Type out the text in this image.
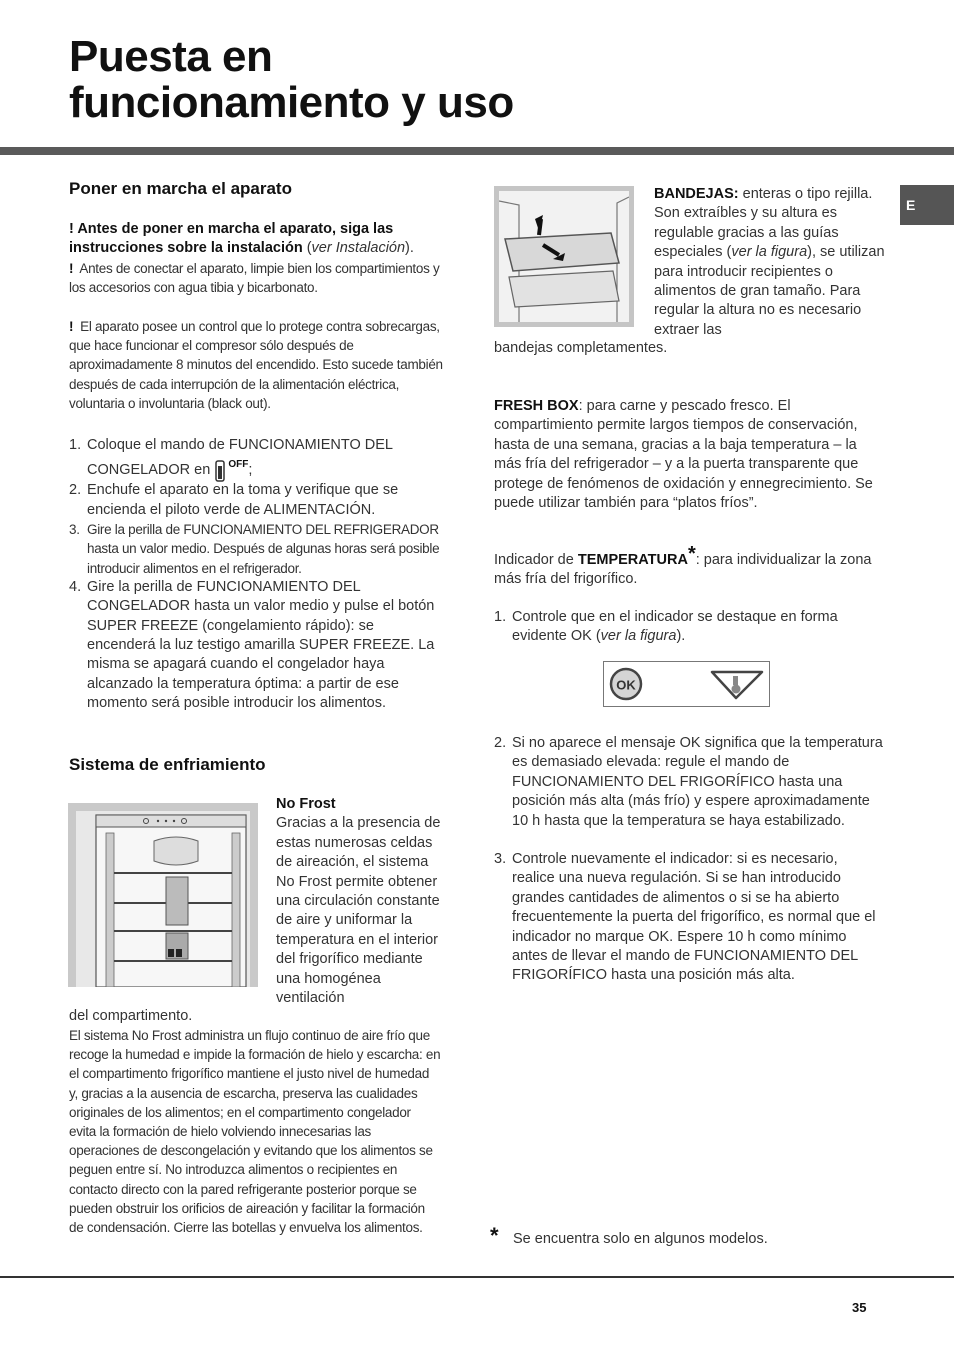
Puesta en
funcionamiento y uso
E
Poner en marcha el aparato
! Antes de poner en marcha el aparato, siga las instrucciones sobre la instalación (ver Instalación).
! Antes de conectar el aparato, limpie bien los compartimientos y los accesorios con agua tibia y bicarbonato.
! El aparato posee un control que lo protege contra sobrecargas, que hace funcionar el compresor sólo después de aproximadamente 8 minutos del encendido. Esto sucede también después de cada interrupción de la alimentación eléctrica, voluntaria o involuntaria (black out).
1. Coloque el mando de FUNCIONAMIENTO DEL
CONGELADOR en OFF ;
2. Enchufe el aparato en la toma y verifique que se encienda el piloto verde de ALIMENTACIÓN.
3. Gire la perilla de FUNCIONAMIENTO DEL REFRIGERADOR hasta un valor medio. Después de algunas horas será posible introducir alimentos en el refrigerador.
4. Gire la perilla de FUNCIONAMIENTO DEL CONGELADOR hasta un valor medio y pulse el botón SUPER FREEZE (congelamiento rápido): se encenderá la luz testigo amarilla SUPER FREEZE. La misma se apagará cuando el congelador haya alcanzado la temperatura óptima: a partir de ese momento será posible introducir los alimentos.
Sistema de enfriamiento
No Frost
Gracias a la presencia de estas numerosas celdas de aireación, el sistema No Frost permite obtener una circulación constante de aire y uniformar la temperatura en el interior del frigorífico mediante una homogénea ventilación
del compartimento.
El sistema No Frost administra un flujo continuo de aire frío que recoge la humedad e impide la formación de hielo y escarcha: en el compartimento frigorífico mantiene el justo nivel de humedad y, gracias a la ausencia de escarcha, preserva las cualidades originales de los alimentos; en el compartimento congelador evita la formación de hielo volviendo innecesarias las operaciones de descongelación y evitando que los alimentos se peguen entre sí. No introduzca alimentos o recipientes en contacto directo con la pared refrigerante posterior porque se pueden obstruir los orificios de aireación y facilitar la formación de condensación. Cierre las botellas y envuelva los alimentos.
BANDEJAS: enteras o tipo rejilla. Son extraíbles y su altura es regulable gracias a las guías especiales (ver la figura), se utilizan para introducir recipientes o alimentos de gran tamaño. Para regular la altura no es necesario extraer las
bandejas completamentes.
FRESH BOX: para carne y pescado fresco. El compartimiento permite largos tiempos de conservación, hasta de una semana, gracias a la baja temperatura – la más fría del refrigerador – y a la puerta transparente que protege de fenómenos de oxidación y ennegrecimiento. Se puede utilizar también para “platos fríos”.
Indicador de TEMPERATURA*: para individualizar la zona más fría del frigorífico.
1. Controle que en el indicador se destaque en forma evidente OK (ver la figura).
OK
2. Si no aparece el mensaje OK significa que la temperatura es demasiado elevada: regule el mando de FUNCIONAMIENTO DEL FRIGORÍFICO hasta una posición más alta (más frío) y espere aproximadamente 10 h hasta que la temperatura se haya estabilizado.
3. Controle nuevamente el indicador: si es necesario, realice una nueva regulación. Si se han introducido grandes cantidades de alimentos o si se ha abierto frecuentemente la puerta del frigorífico, es normal que el indicador no marque OK. Espere 10 h como mínimo antes de llevar el mando de FUNCIONAMIENTO DEL FRIGORÍFICO hasta una posición más alta.
* Se encuentra solo en algunos modelos.
35
